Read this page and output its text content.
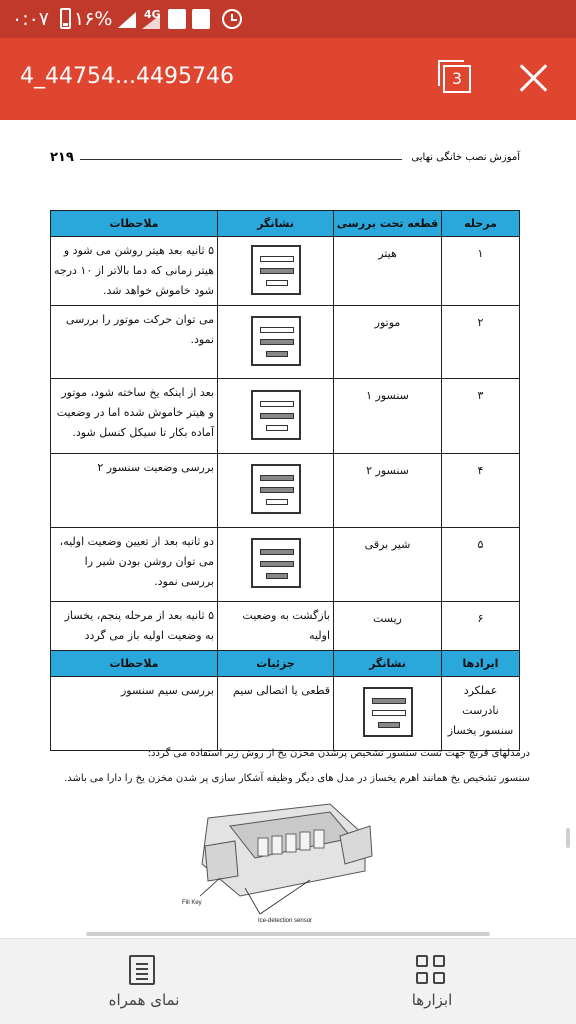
۰:۰۷ ۱۶%	4G
4_44754...4495746	3
۲۱۹	آموزش نصب خانگی نهایی
مرحله	قطعه تحت بررسی	نشانگر	ملاحظات
۱	هیتر		۵ ثانیه بعد هیتر روشن می شود و هیتر زمانی که دما بالاتر از ۱۰ درجه شود خاموش خواهد شد.
۲	موتور		می توان حرکت موتور را بررسی نمود.
۳	سنسور ۱		بعد از اینکه یخ ساخته شود، موتور و هیتر خاموش شده اما در وضعیت آماده بکار تا سیکل کنسل شود.
۴	سنسور ۲		بررسی وضعیت سنسور ۲
۵	شیر برقی		دو ثانیه بعد از تعیین وضعیت اولیه، می توان روشن بودن شیر را بررسی نمود.
۶	ریست	بازگشت به وضعیت اولیه	۵ ثانیه بعد از مرحله پنجم، یخساز به وضعیت اولیه باز می گردد
ایرادها	نشانگر	جزئیات	ملاحظات
عملکرد نادرست سنسور یخساز		قطعی یا اتصالی سیم	بررسی سیم سنسور
درمدلهای فرنچ جهت تست سنسور تشخیص پرشدن مخزن یخ از روش زیر استفاده می گردد:
سنسور تشخیص یخ همانند اهرم یخساز در مدل های دیگر وظیفه آشکار سازی پر شدن مخزن یخ را دارا می باشد.
Fill Key
Ice-detection sensor
نمای همراه	ابزارها
